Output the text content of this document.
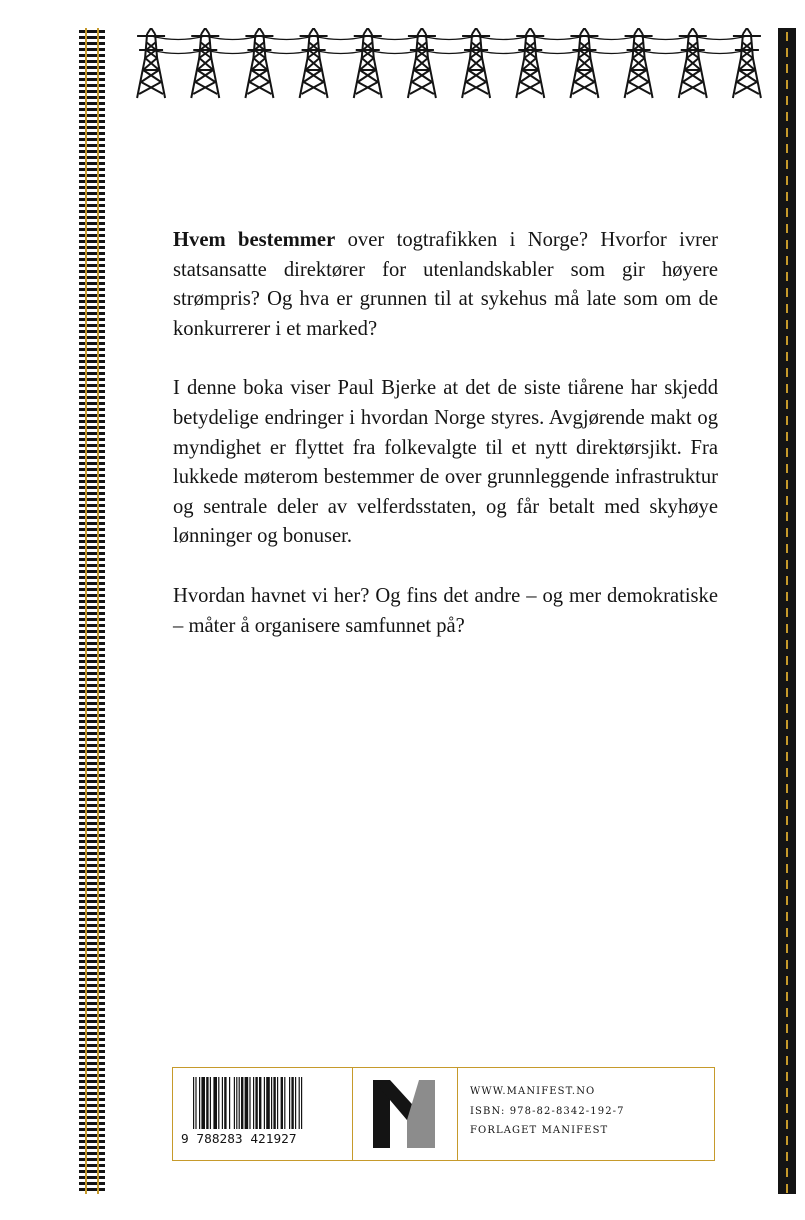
Hvem bestemmer over togtrafikken i Norge? Hvorfor ivrer statsansatte direktører for utenlandskabler som gir høyere strømpris? Og hva er grunnen til at sykehus må late som om de konkurrerer i et marked?

I denne boka viser Paul Bjerke at det de siste tiårene har skjedd betydelige endringer i hvordan Norge styres. Avgjørende makt og myndighet er flyttet fra folkevalgte til et nytt direktørsjikt. Fra lukkede møterom bestemmer de over grunnleggende infrastruktur og sentrale deler av velferdsstaten, og får betalt med skyhøye lønninger og bonuser.

Hvordan havnet vi her? Og fins det andre – og mer demokratiske – måter å organisere samfunnet på?

9 788283 421927
WWW.MANIFEST.NO
ISBN: 978-82-8342-192-7
FORLAGET MANIFEST
